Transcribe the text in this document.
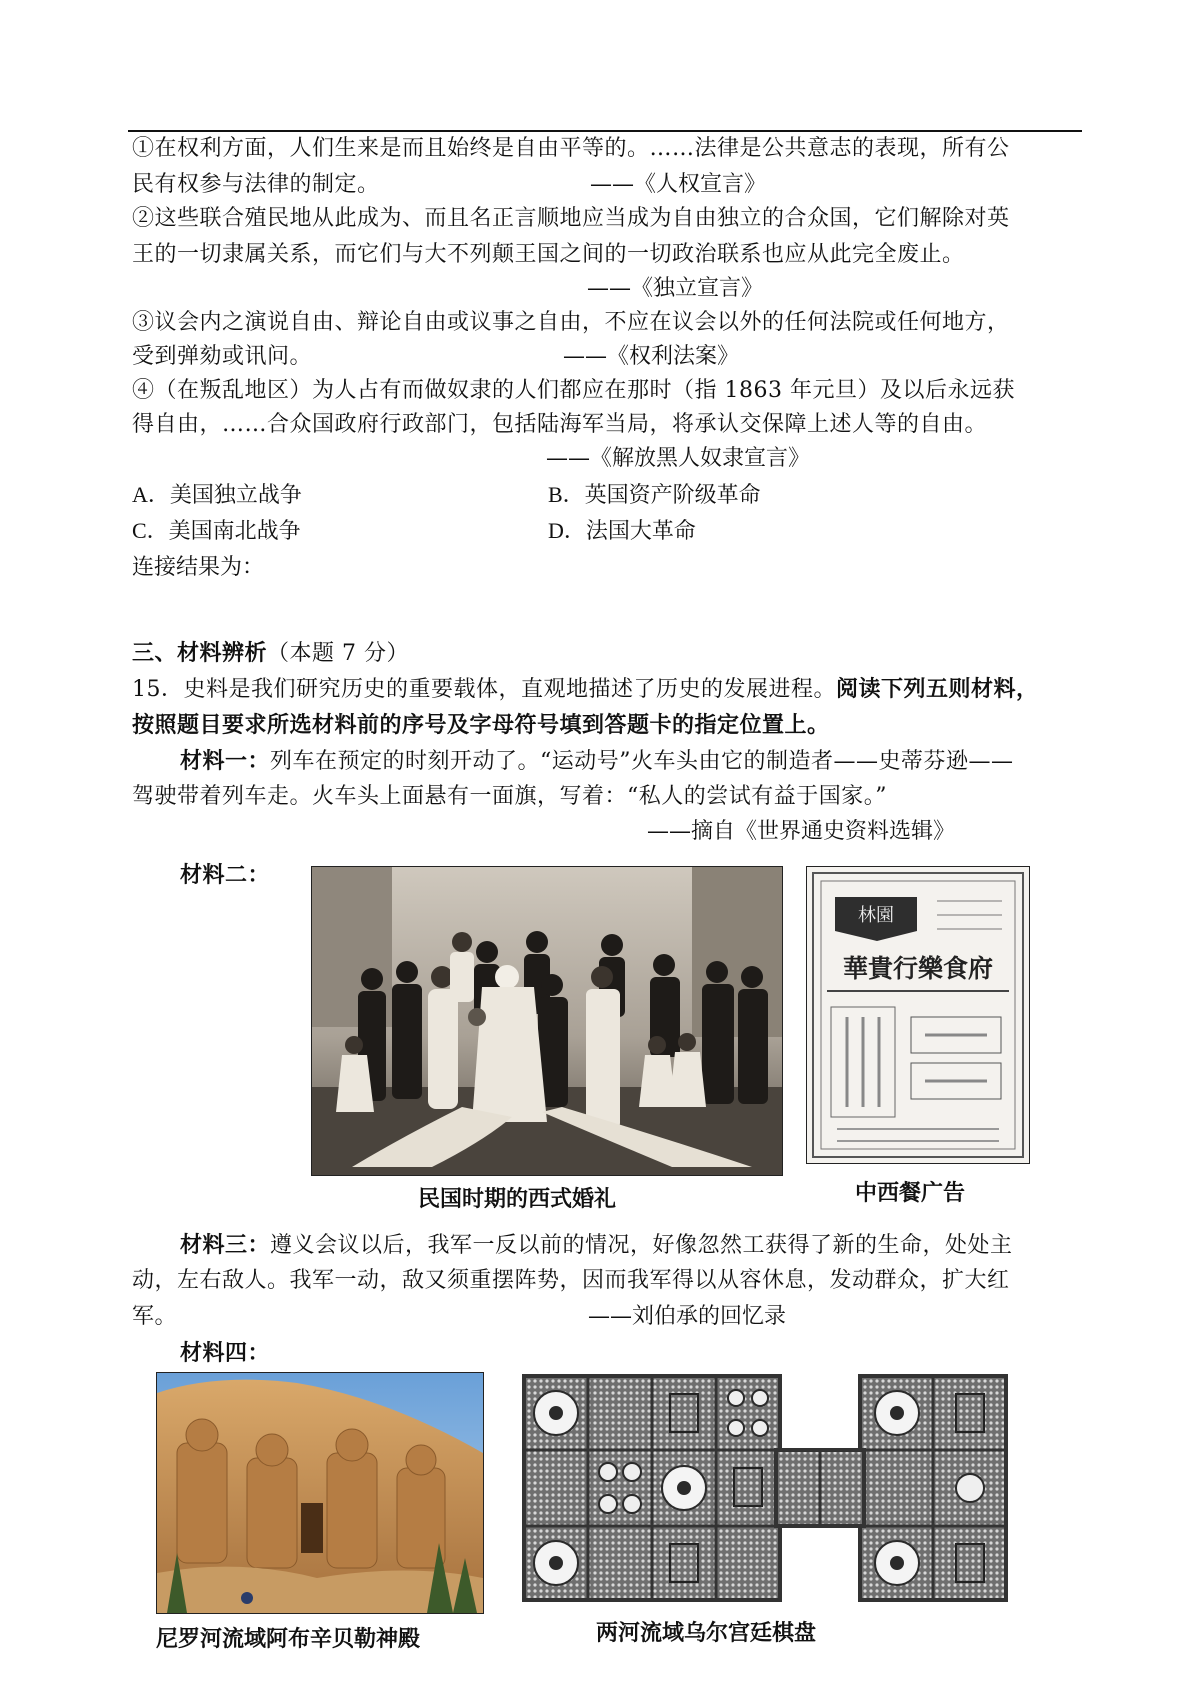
①在权利方面，人们生来是而且始终是自由平等的。……法律是公共意志的表现，所有公
民有权参与法律的制定。	——《人权宣言》
②这些联合殖民地从此成为、而且名正言顺地应当成为自由独立的合众国，它们解除对英
王的一切隶属关系，而它们与大不列颠王国之间的一切政治联系也应从此完全废止。
——《独立宣言》
③议会内之演说自由、辩论自由或议事之自由，不应在议会以外的任何法院或任何地方，
受到弹劾或讯问。	——《权利法案》
④（在叛乱地区）为人占有而做奴隶的人们都应在那时（指 1863 年元旦）及以后永远获
得自由，……合众国政府行政部门，包括陆海军当局，将承认交保障上述人等的自由。
——《解放黑人奴隶宣言》
A．美国独立战争	B．英国资产阶级革命
C．美国南北战争	D．法国大革命
连接结果为：
三、材料辨析（本题 7 分）
15．史料是我们研究历史的重要载体，直观地描述了历史的发展进程。阅读下列五则材料，
按照题目要求所选材料前的序号及字母符号填到答题卡的指定位置上。
材料一：列车在预定的时刻开动了。“运动号”火车头由它的制造者——史蒂芬逊——
驾驶带着列车走。火车头上面悬有一面旗，写着：“私人的尝试有益于国家。”
——摘自《世界通史资料选辑》
材料二：
林園
華貴行樂食府
民国时期的西式婚礼	中西餐广告
材料三：遵义会议以后，我军一反以前的情况，好像忽然工获得了新的生命，处处主
动，左右敌人。我军一动，敌又须重摆阵势，因而我军得以从容休息，发动群众，扩大红
军。	——刘伯承的回忆录
材料四：
尼罗河流域阿布辛贝勒神殿	两河流域乌尔宫廷棋盘
